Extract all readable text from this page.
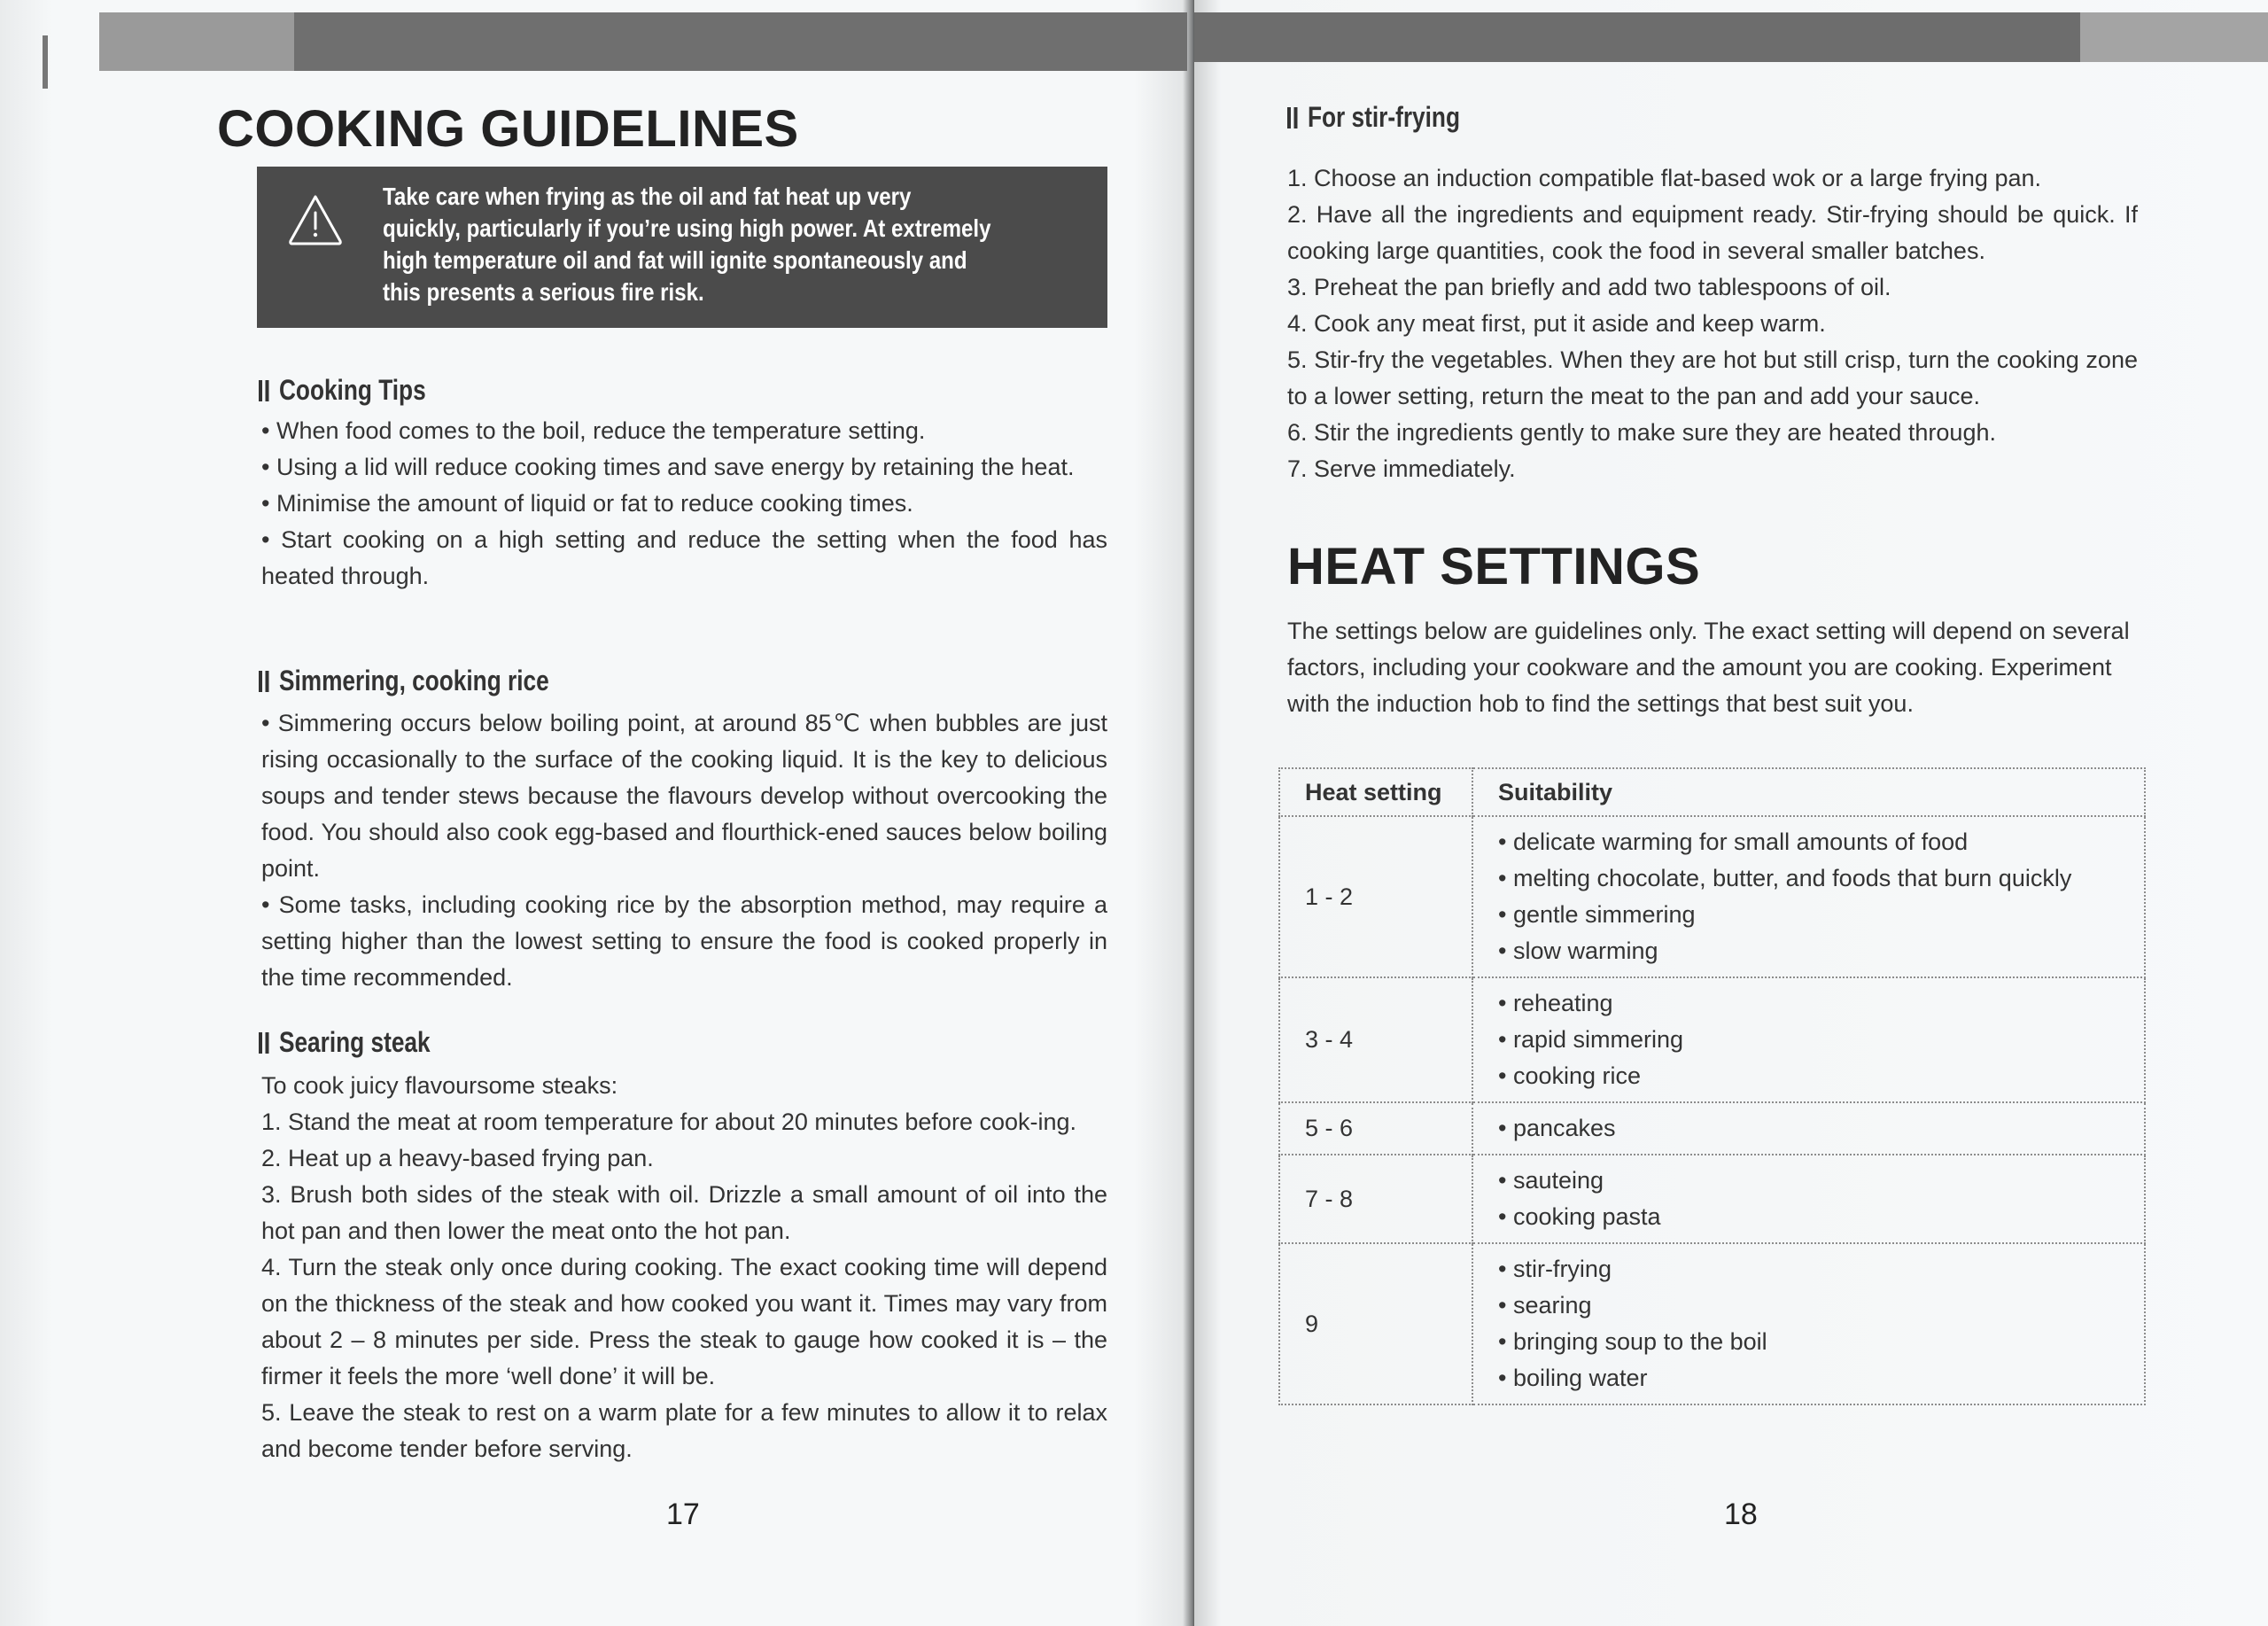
COOKING GUIDELINES
Take care when frying as the oil and fat heat up very quickly, particularly if you’re using high power. At extremely high temperature oil and fat will ignite spontaneously and this presents a serious fire risk.
Cooking Tips

• When food comes to the boil, reduce the temperature setting.

• Using a lid will reduce cooking times and save energy by retaining the heat.

• Minimise the amount of liquid or fat to reduce cooking times.

• Start cooking on a high setting and reduce the setting when the food has heated through.

Simmering, cooking rice

• Simmering occurs below boiling point, at around 85℃ when bubbles are just rising occasionally to the surface of the cooking liquid. It is the key to delicious soups and tender stews because the flavours develop without overcooking the food. You should also cook egg-based and flourthick-ened sauces below boiling point.

• Some tasks, including cooking rice by the absorption method, may require a setting higher than the lowest setting to ensure the food is cooked properly in the time recommended.

Searing steak

To cook juicy flavoursome steaks:

1. Stand the meat at room temperature for about 20 minutes before cook-ing.

2. Heat up a heavy-based frying pan.

3. Brush both sides of the steak with oil. Drizzle a small amount of oil into the hot pan and then lower the meat onto the hot pan.

4. Turn the steak only once during cooking. The exact cooking time will depend on the thickness of the steak and how cooked you want it. Times may vary from about 2 – 8 minutes per side. Press the steak to gauge how cooked it is – the firmer it feels the more ‘well done’ it will be.

5. Leave the steak to rest on a warm plate for a few minutes to allow it to relax and become tender before serving.

17
For stir-frying

1. Choose an induction compatible flat-based wok or a large frying pan.

2. Have all the ingredients and equipment ready. Stir-frying should be quick. If cooking large quantities, cook the food in several smaller batches.

3. Preheat the pan briefly and add two tablespoons of oil.

4. Cook any meat first, put it aside and keep warm.

5. Stir-fry the vegetables. When they are hot but still crisp, turn the cooking zone to a lower setting, return the meat to the pan and add your sauce.

6. Stir the ingredients gently to make sure they are heated through.

7. Serve immediately.

HEAT SETTINGS
The settings below are guidelines only. The exact setting will depend on several factors, including your cookware and the amount you are cooking. Experiment with the induction hob to find the settings that best suit you.
Heat setting	Suitability
1 - 2	• delicate warming for small amounts of food
• melting chocolate, butter, and foods that burn quickly
• gentle simmering
• slow warming

3 - 4	• reheating
• rapid simmering
• cooking rice

5 - 6	• pancakes

7 - 8	• sauteing
• cooking pasta

9	• stir-frying
• searing
• bringing soup to the boil
• boiling water
18
